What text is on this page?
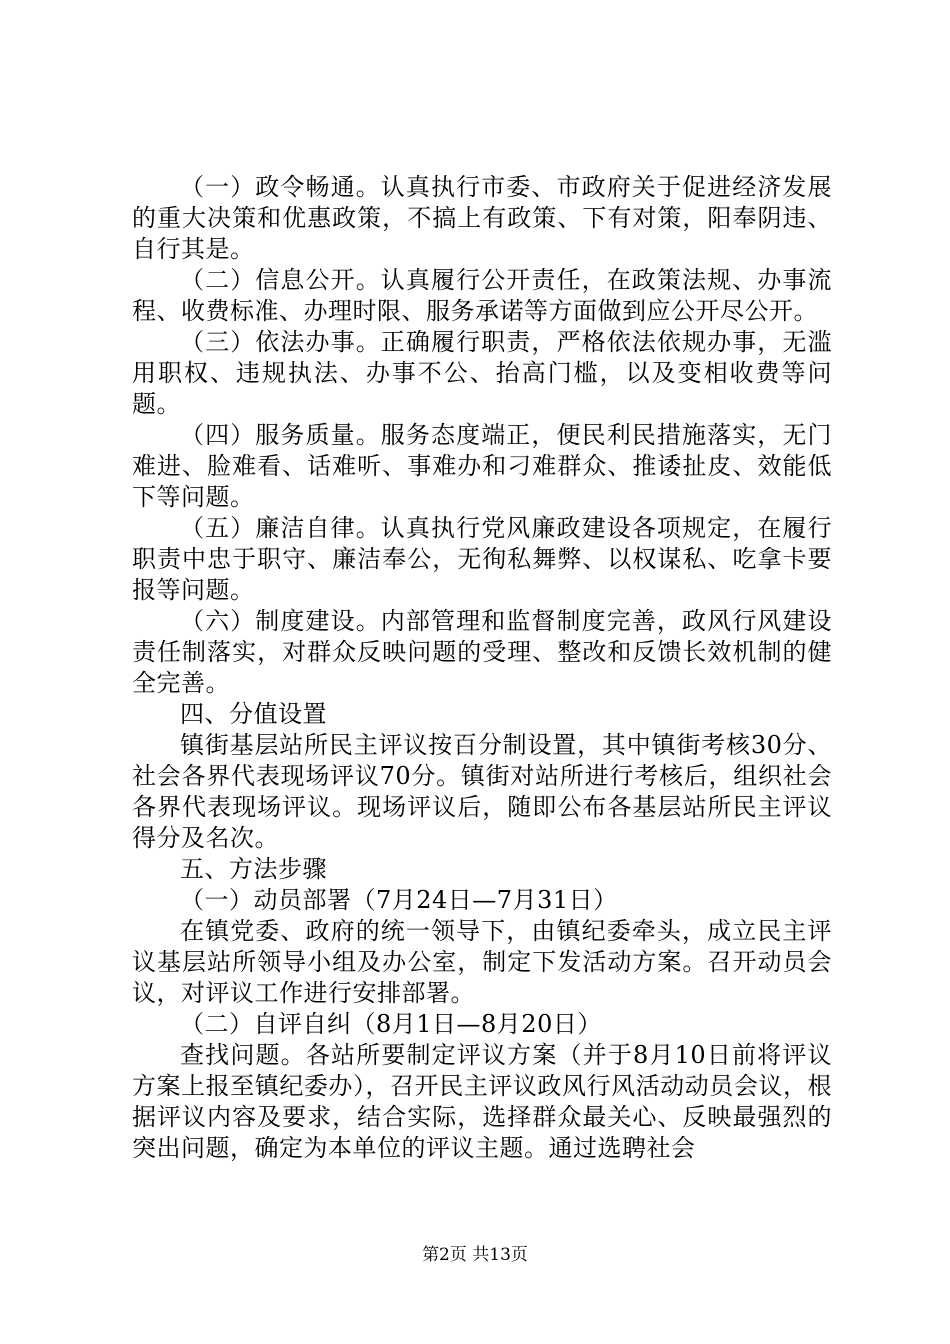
（一）政令畅通。认真执行市委、市政府关于促进经济发展的重大决策和优惠政策，不搞上有政策、下有对策，阳奉阴违、自行其是。

（二）信息公开。认真履行公开责任，在政策法规、办事流程、收费标准、办理时限、服务承诺等方面做到应公开尽公开。

（三）依法办事。正确履行职责，严格依法依规办事，无滥用职权、违规执法、办事不公、抬高门槛，以及变相收费等问题。

（四）服务质量。服务态度端正，便民利民措施落实，无门难进、脸难看、话难听、事难办和刁难群众、推诿扯皮、效能低下等问题。

（五）廉洁自律。认真执行党风廉政建设各项规定，在履行职责中忠于职守、廉洁奉公，无徇私舞弊、以权谋私、吃拿卡要报等问题。

（六）制度建设。内部管理和监督制度完善，政风行风建设责任制落实，对群众反映问题的受理、整改和反馈长效机制的健全完善。

四、分值设置

镇街基层站所民主评议按百分制设置，其中镇街考核30分、社会各界代表现场评议70分。镇街对站所进行考核后，组织社会各界代表现场评议。现场评议后，随即公布各基层站所民主评议得分及名次。

五、方法步骤

（一）动员部署（7月24日—7月31日）

在镇党委、政府的统一领导下，由镇纪委牵头，成立民主评议基层站所领导小组及办公室，制定下发活动方案。召开动员会议，对评议工作进行安排部署。

（二）自评自纠（8月1日—8月20日）

查找问题。各站所要制定评议方案（并于8月10日前将评议方案上报至镇纪委办），召开民主评议政风行风活动动员会议，根据评议内容及要求，结合实际，选择群众最关心、反映最强烈的突出问题，确定为本单位的评议主题。通过选聘社会

第2页 共13页
